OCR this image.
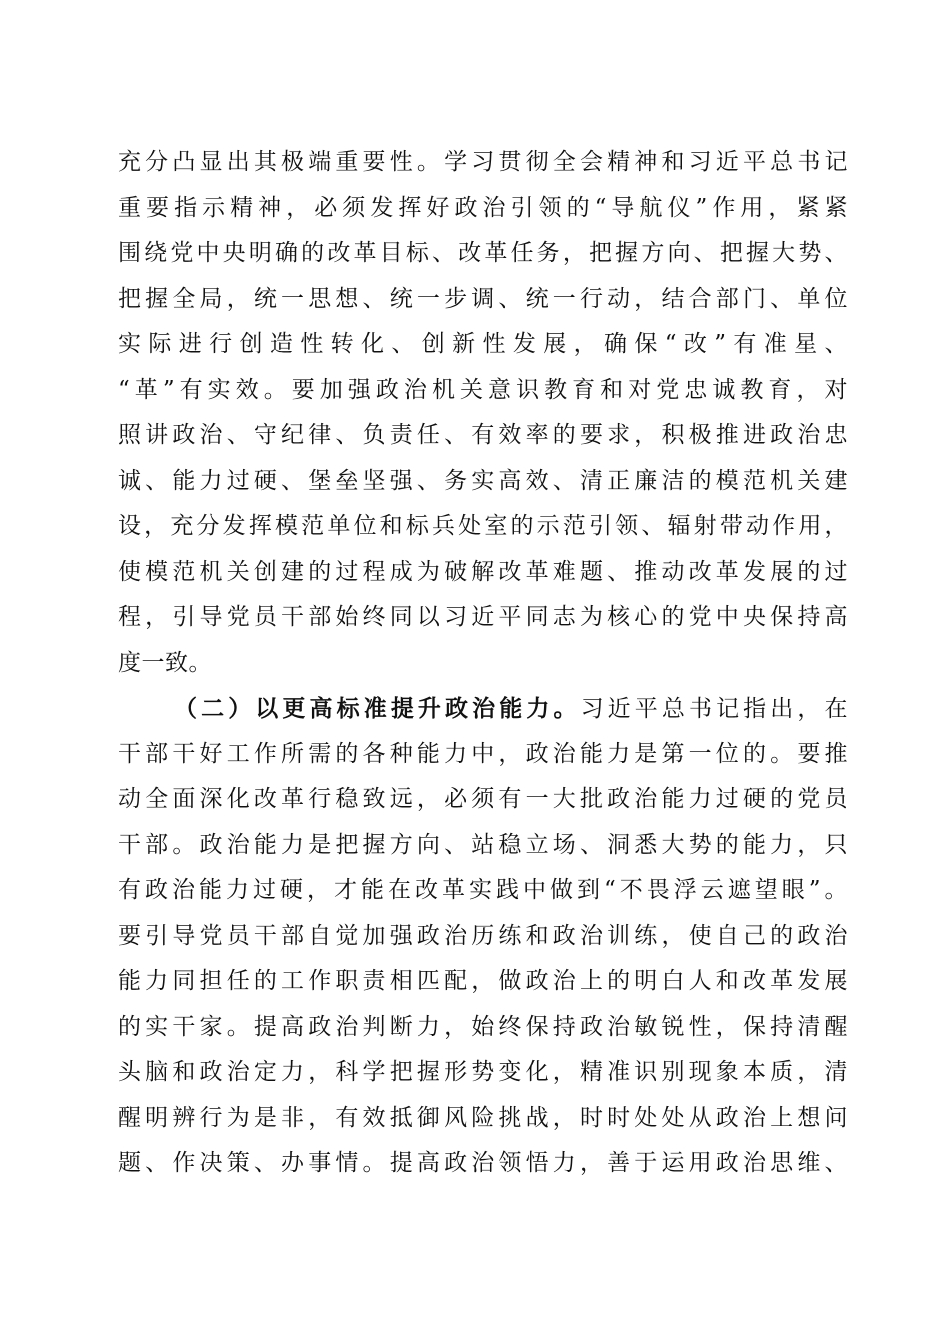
充分凸显出其极端重要性。学习贯彻全会精神和习近平总书记
重要指示精神，必须发挥好政治引领的“导航仪”作用，紧紧
围绕党中央明确的改革目标、改革任务，把握方向、把握大势、
把握全局，统一思想、统一步调、统一行动，结合部门、单位
实际进行创造性转化、创新性发展，确保“改”有准星、
“革”有实效。要加强政治机关意识教育和对党忠诚教育，对
照讲政治、守纪律、负责任、有效率的要求，积极推进政治忠
诚、能力过硬、堡垒坚强、务实高效、清正廉洁的模范机关建
设，充分发挥模范单位和标兵处室的示范引领、辐射带动作用，
使模范机关创建的过程成为破解改革难题、推动改革发展的过
程，引导党员干部始终同以习近平同志为核心的党中央保持高
度一致。
（二）以更高标准提升政治能力。习近平总书记指出，在
干部干好工作所需的各种能力中，政治能力是第一位的。要推
动全面深化改革行稳致远，必须有一大批政治能力过硬的党员
干部。政治能力是把握方向、站稳立场、洞悉大势的能力，只
有政治能力过硬，才能在改革实践中做到“不畏浮云遮望眼”。
要引导党员干部自觉加强政治历练和政治训练，使自己的政治
能力同担任的工作职责相匹配，做政治上的明白人和改革发展
的实干家。提高政治判断力，始终保持政治敏锐性，保持清醒
头脑和政治定力，科学把握形势变化，精准识别现象本质，清
醒明辨行为是非，有效抵御风险挑战，时时处处从政治上想问
题、作决策、办事情。提高政治领悟力，善于运用政治思维、
